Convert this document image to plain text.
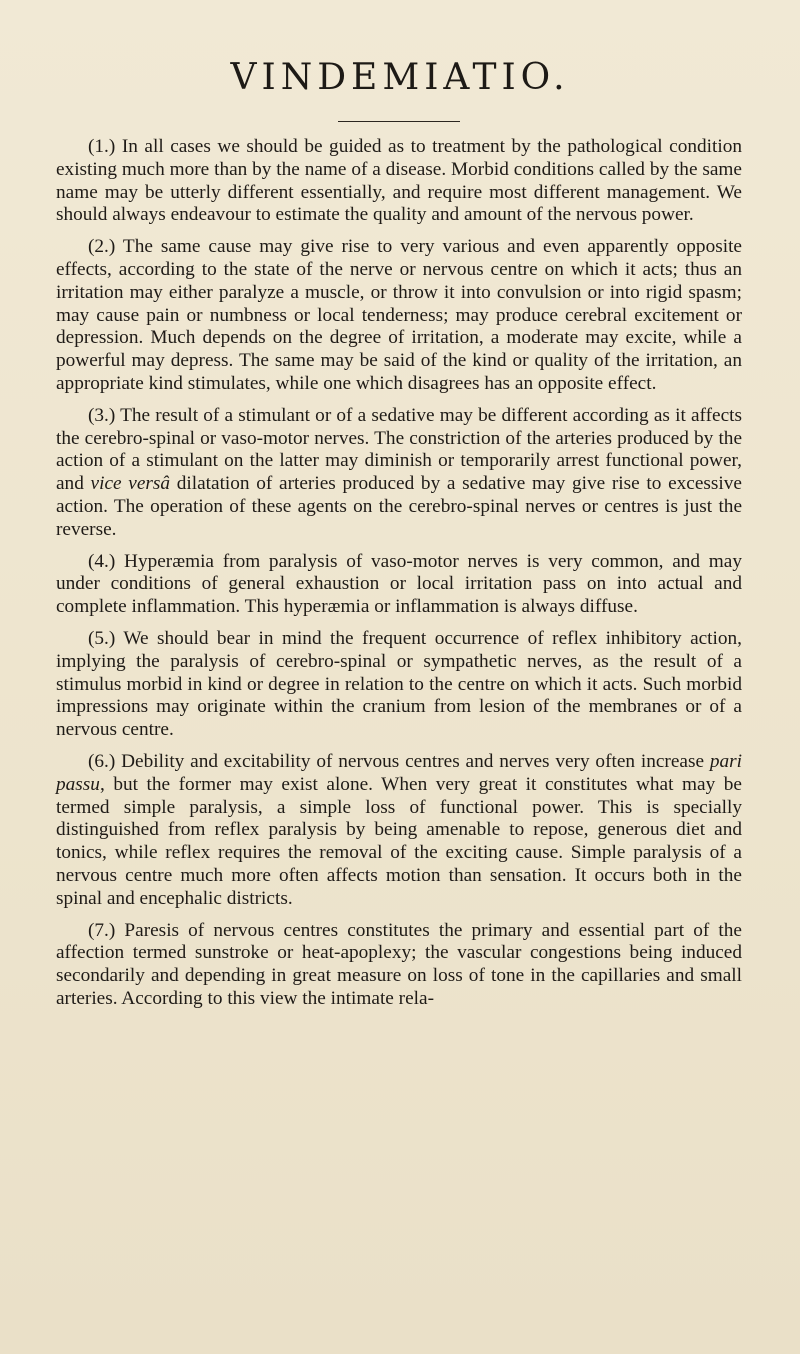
VINDEMIATIO.

(1.) In all cases we should be guided as to treatment by the pathological condition existing much more than by the name of a disease. Morbid conditions called by the same name may be utterly different essentially, and require most different management. We should always endeavour to estimate the quality and amount of the nervous power.

(2.) The same cause may give rise to very various and even apparently opposite effects, according to the state of the nerve or nervous centre on which it acts; thus an irritation may either paralyze a muscle, or throw it into convulsion or into rigid spasm; may cause pain or numbness or local tenderness; may produce cerebral excitement or depression. Much depends on the degree of irritation, a moderate may excite, while a powerful may depress. The same may be said of the kind or quality of the irritation, an appropriate kind stimulates, while one which disagrees has an opposite effect.

(3.) The result of a stimulant or of a sedative may be different according as it affects the cerebro-spinal or vaso-motor nerves. The constriction of the arteries produced by the action of a stimulant on the latter may diminish or temporarily arrest functional power, and vice versâ dilatation of arteries produced by a sedative may give rise to excessive action. The operation of these agents on the cerebro-spinal nerves or centres is just the reverse.

(4.) Hyperæmia from paralysis of vaso-motor nerves is very common, and may under conditions of general exhaustion or local irritation pass on into actual and complete inflammation. This hyperæmia or inflammation is always diffuse.

(5.) We should bear in mind the frequent occurrence of reflex inhibitory action, implying the paralysis of cerebro-spinal or sympathetic nerves, as the result of a stimulus morbid in kind or degree in relation to the centre on which it acts. Such morbid impressions may originate within the cranium from lesion of the membranes or of a nervous centre.

(6.) Debility and excitability of nervous centres and nerves very often increase pari passu, but the former may exist alone. When very great it constitutes what may be termed simple paralysis, a simple loss of functional power. This is specially distinguished from reflex paralysis by being amenable to repose, generous diet and tonics, while reflex requires the removal of the exciting cause. Simple paralysis of a nervous centre much more often affects motion than sensation. It occurs both in the spinal and encephalic districts.

(7.) Paresis of nervous centres constitutes the primary and essential part of the affection termed sunstroke or heat-apoplexy; the vascular congestions being induced secondarily and depending in great measure on loss of tone in the capillaries and small arteries. According to this view the intimate rela-
